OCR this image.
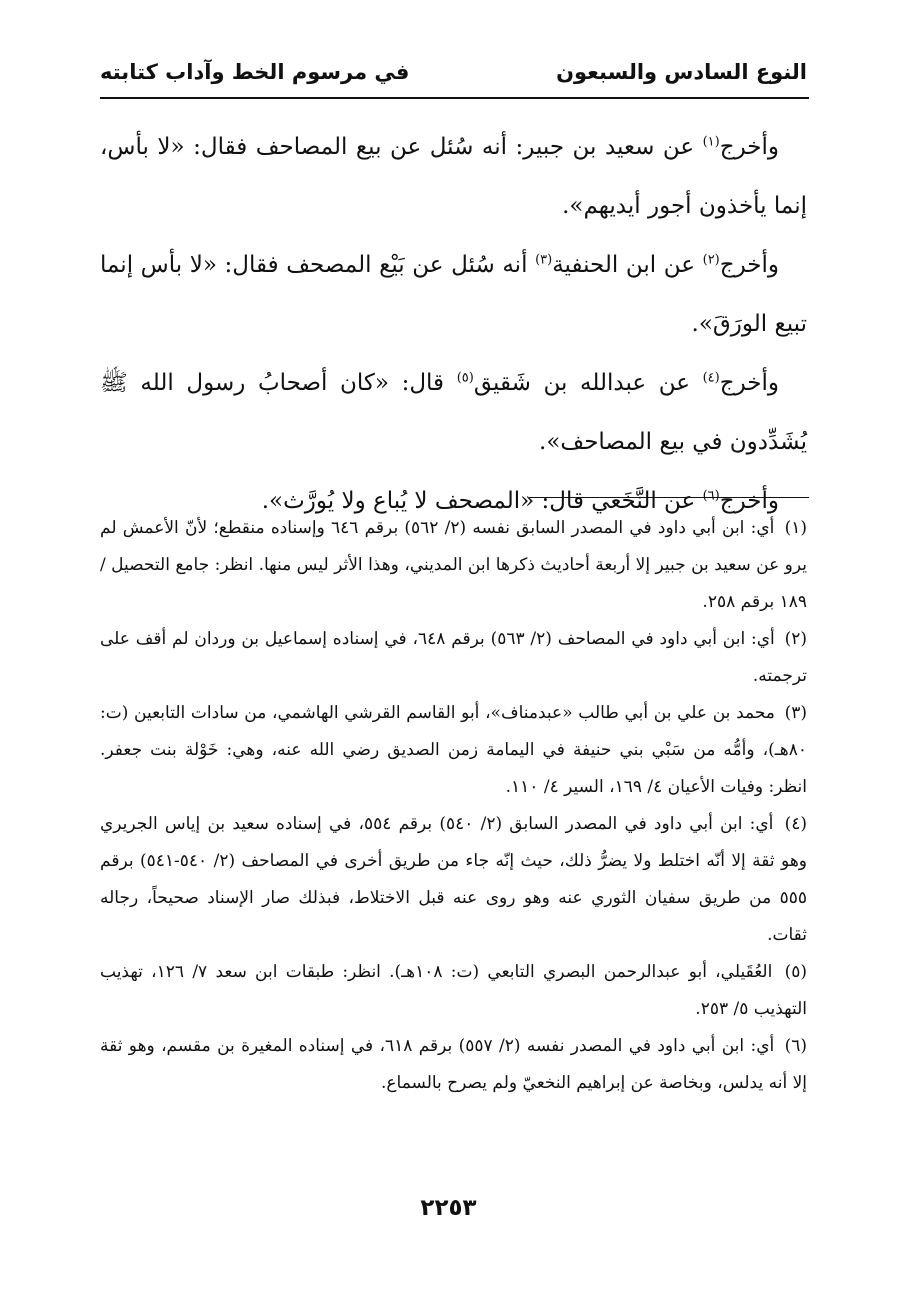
النوع السادس والسبعون
في مرسوم الخط وآداب كتابته

وأخرج$^{(١)}$ عن سعيد بن جبير: أنه سُئل عن بيع المصاحف فقال: «لا بأس، إنما يأخذون أجور أيديهم».

وأخرج$^{(٢)}$ عن ابن الحنفية$^{(٣)}$ أنه سُئل عن بَيْع المصحف فقال: «لا بأس إنما تبيع الورَقَ».

وأخرج$^{(٤)}$ عن عبدالله بن شَقيق$^{(٥)}$ قال: «كان أصحابُ رسول الله ﷺ يُشَدِّدون في بيع المصاحف».

وأخرج$^{(٦)}$ عن النَّخَعي قال: «المصحف لا يُباع ولا يُورَّث».

(١) أي: ابن أبي داود في المصدر السابق نفسه (٢/ ٥٦٢) برقم ٦٤٦ وإسناده منقطع؛ لأنّ الأعمش لم يرو عن سعيد بن جبير إلا أربعة أحاديث ذكرها ابن المديني، وهذا الأثر ليس منها. انظر: جامع التحصيل /١٨٩ برقم ٢٥٨.

(٢) أي: ابن أبي داود في المصاحف (٢/ ٥٦٣) برقم ٦٤٨، في إسناده إسماعيل بن وردان لم أقف على ترجمته.

(٣) محمد بن علي بن أبي طالب «عبدمناف»، أبو القاسم القرشي الهاشمي، من سادات التابعين (ت: ٨٠هـ)، وأمُّه من سَبْي بني حنيفة في اليمامة زمن الصديق رضي الله عنه، وهي: خَوْلة بنت جعفر. انظر: وفيات الأعيان ٤/ ١٦٩، السير ٤/ ١١٠.

(٤) أي: ابن أبي داود في المصدر السابق (٢/ ٥٤٠) برقم ٥٥٤، في إسناده سعيد بن إياس الجريري وهو ثقة إلا أنّه اختلط ولا يضرُّ ذلك، حيث إنّه جاء من طريق أخرى في المصاحف (٢/ ٥٤٠-٥٤١) برقم ٥٥٥ من طريق سفيان الثوري عنه وهو روى عنه قبل الاختلاط، فبذلك صار الإسناد صحيحاً، رجاله ثقات.

(٥) العُقَيلي، أبو عبدالرحمن البصري التابعي (ت: ١٠٨هـ). انظر: طبقات ابن سعد ٧/ ١٢٦، تهذيب التهذيب ٥/ ٢٥٣.

(٦) أي: ابن أبي داود في المصدر نفسه (٢/ ٥٥٧) برقم ٦١٨، في إسناده المغيرة بن مقسم، وهو ثقة إلا أنه يدلس، وبخاصة عن إبراهيم النخعيّ ولم يصرح بالسماع.

٢٢٥٣
